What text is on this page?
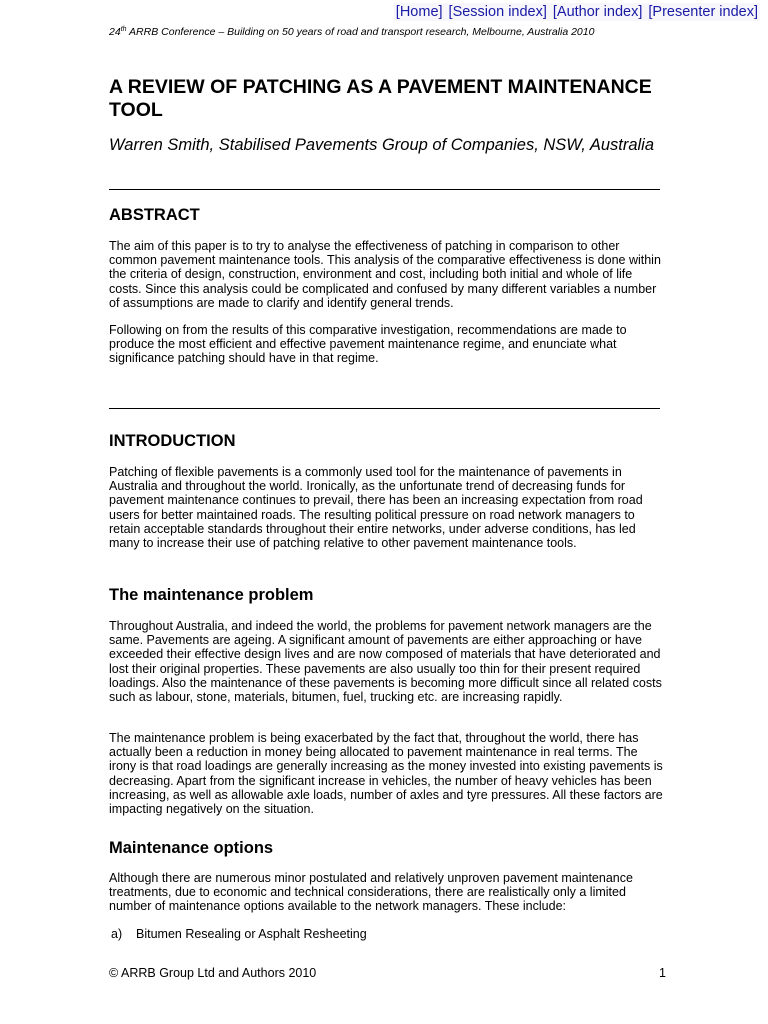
[Home] [Session index] [Author index] [Presenter index]
24th ARRB Conference – Building on 50 years of road and transport research, Melbourne, Australia 2010
A REVIEW OF PATCHING AS A PAVEMENT MAINTENANCE TOOL
Warren Smith, Stabilised Pavements Group of Companies, NSW, Australia
ABSTRACT

The aim of this paper is to try to analyse the effectiveness of patching in comparison to other common pavement maintenance tools. This analysis of the comparative effectiveness is done within the criteria of design, construction, environment and cost, including both initial and whole of life costs. Since this analysis could be complicated and confused by many different variables a number of assumptions are made to clarify and identify general trends.

Following on from the results of this comparative investigation, recommendations are made to produce the most efficient and effective pavement maintenance regime, and enunciate what significance patching should have in that regime.

INTRODUCTION

Patching of flexible pavements is a commonly used tool for the maintenance of pavements in Australia and throughout the world. Ironically, as the unfortunate trend of decreasing funds for pavement maintenance continues to prevail, there has been an increasing expectation from road users for better maintained roads. The resulting political pressure on road network managers to retain acceptable standards throughout their entire networks, under adverse conditions, has led many to increase their use of patching relative to other pavement maintenance tools.

The maintenance problem

Throughout Australia, and indeed the world, the problems for pavement network managers are the same. Pavements are ageing. A significant amount of pavements are either approaching or have exceeded their effective design lives and are now composed of materials that have deteriorated and lost their original properties. These pavements are also usually too thin for their present required loadings. Also the maintenance of these pavements is becoming more difficult since all related costs such as labour, stone, materials, bitumen, fuel, trucking etc. are increasing rapidly.

The maintenance problem is being exacerbated by the fact that, throughout the world, there has actually been a reduction in money being allocated to pavement maintenance in real terms. The irony is that road loadings are generally increasing as the money invested into existing pavements is decreasing. Apart from the significant increase in vehicles, the number of heavy vehicles has been increasing, as well as allowable axle loads, number of axles and tyre pressures. All these factors are impacting negatively on the situation.

Maintenance options

Although there are numerous minor postulated and relatively unproven pavement maintenance treatments, due to economic and technical considerations, there are realistically only a limited number of maintenance options available to the network managers. These include:

a) Bitumen Resealing or Asphalt Resheeting
© ARRB Group Ltd and Authors 2010	1
